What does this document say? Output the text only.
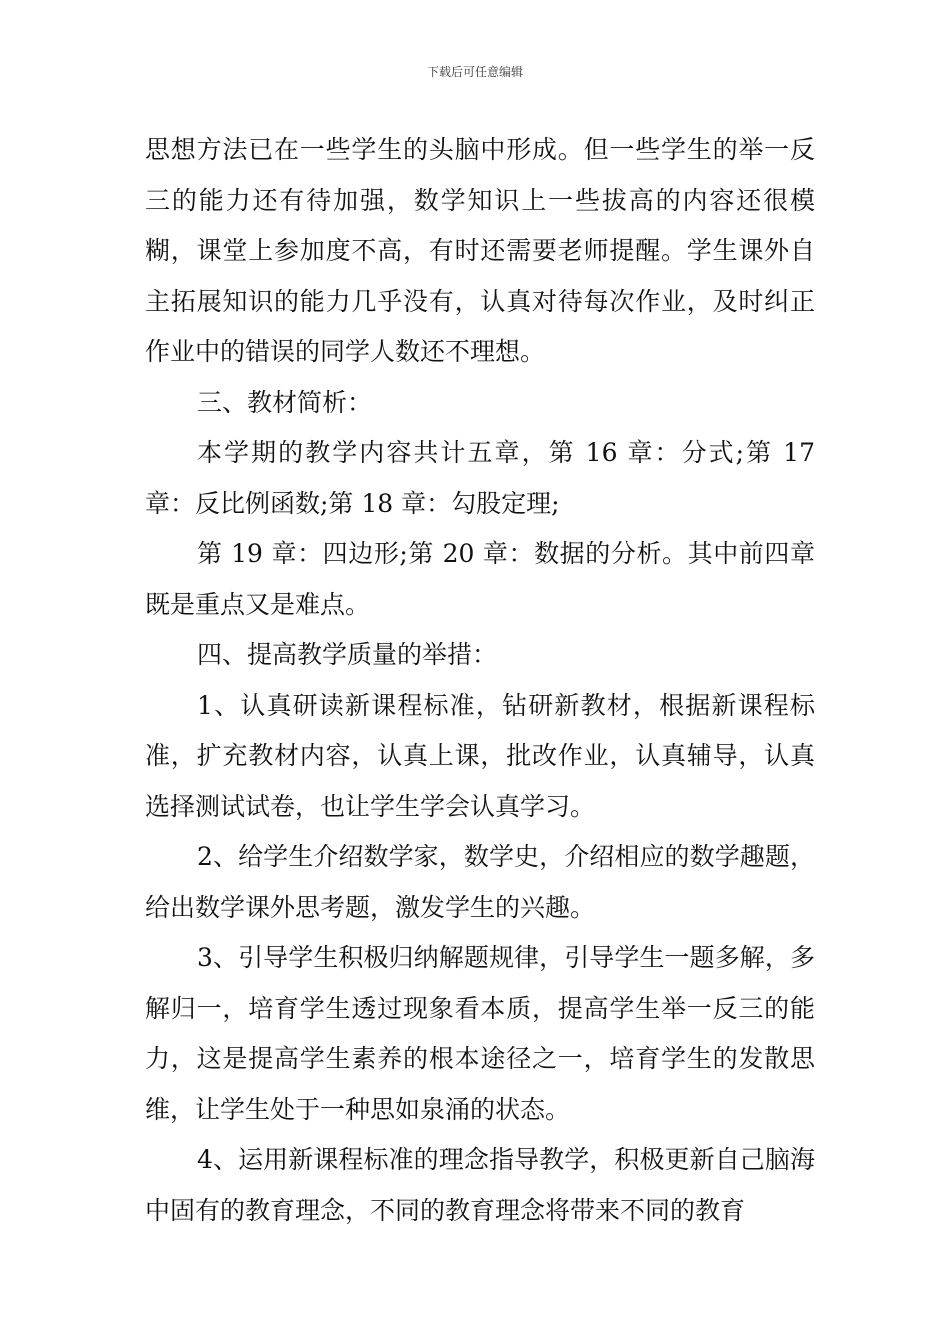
下载后可任意编辑

思想方法已在一些学生的头脑中形成。但一些学生的举一反三的能力还有待加强，数学知识上一些拔高的内容还很模糊，课堂上参加度不高，有时还需要老师提醒。学生课外自主拓展知识的能力几乎没有，认真对待每次作业，及时纠正作业中的错误的同学人数还不理想。

三、教材简析：

本学期的教学内容共计五章，第 16 章：分式;第 17 章：反比例函数;第 18 章：勾股定理;

第 19 章：四边形;第 20 章：数据的分析。其中前四章既是重点又是难点。

四、提高教学质量的举措：

1、认真研读新课程标准，钻研新教材，根据新课程标准，扩充教材内容，认真上课，批改作业，认真辅导，认真选择测试试卷，也让学生学会认真学习。

2、给学生介绍数学家，数学史，介绍相应的数学趣题，给出数学课外思考题，激发学生的兴趣。

3、引导学生积极归纳解题规律，引导学生一题多解，多解归一，培育学生透过现象看本质，提高学生举一反三的能力，这是提高学生素养的根本途径之一，培育学生的发散思维，让学生处于一种思如泉涌的状态。

4、运用新课程标准的理念指导教学，积极更新自己脑海中固有的教育理念，不同的教育理念将带来不同的教育
